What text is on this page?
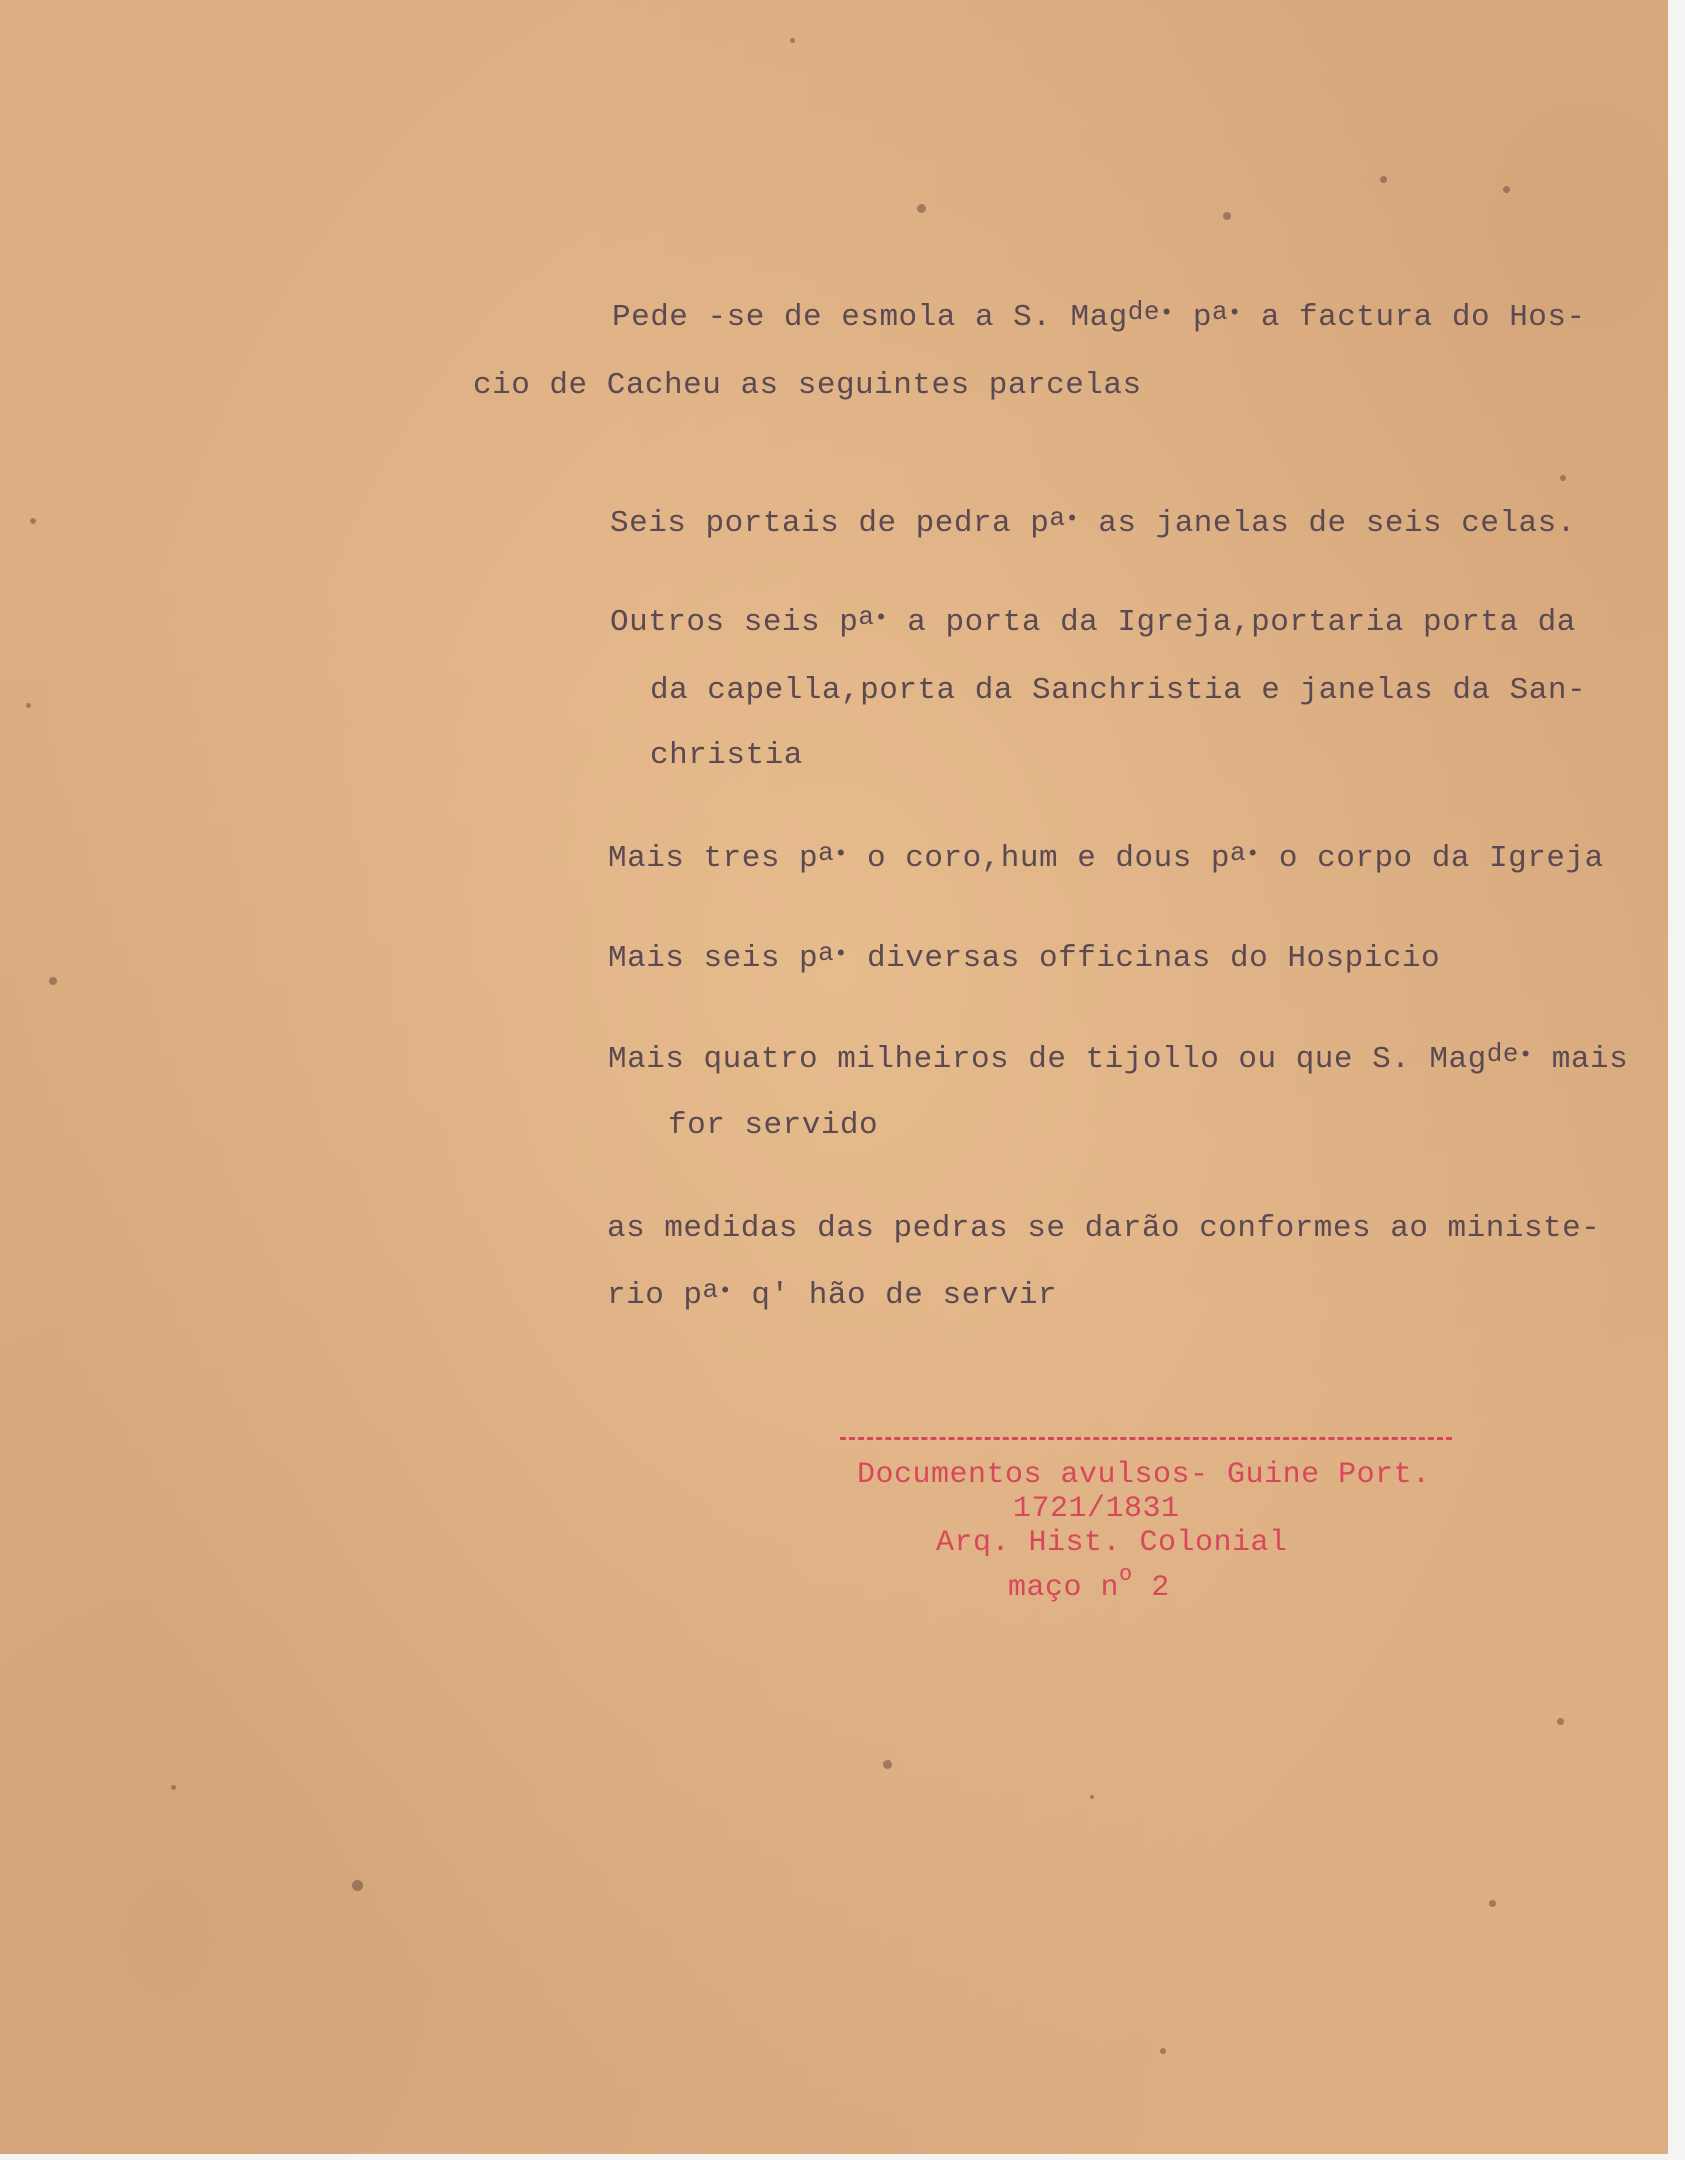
Pede -se de esmola a S. Mag$^{de}$• $p^a•$ a factura do Hos-
cio de Cacheu as seguintes parcelas
Seis portais de pedra $p^a•$ as janelas de seis celas.
Outros seis $p^a•$ a porta da Igreja,portaria porta da
da capella,porta da Sanchristia e janelas da San-
christia
Mais tres $p^a•$ o coro,hum e dous $p^a•$ o corpo da Igreja
Mais seis $p^a•$ diversas officinas do Hospicio
Mais quatro milheiros de tijollo ou que S. Mag$^{de}$• mais
for servido
as medidas das pedras se darão conformes ao ministe-
rio $p^a•$ q' hão de servir
Documentos avulsos- Guine Port.
1721/1831
Arq. Hist. Colonial
maço $n^o$ 2
